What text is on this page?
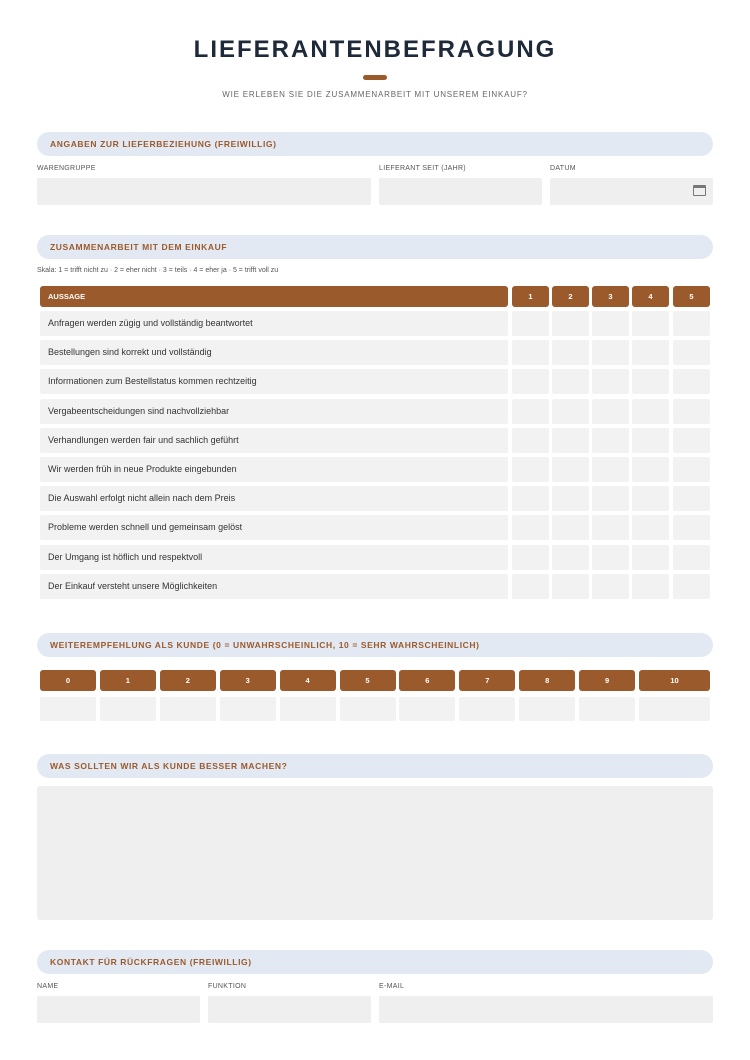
LIEFERANTENBEFRAGUNG
WIE ERLEBEN SIE DIE ZUSAMMENARBEIT MIT UNSEREM EINKAUF?
ANGABEN ZUR LIEFERBEZIEHUNG (FREIWILLIG)
WARENGRUPPE	LIEFERANT SEIT (JAHR)	DATUM
ZUSAMMENARBEIT MIT DEM EINKAUF
Skala: 1 = trifft nicht zu · 2 = eher nicht · 3 = teils · 4 = eher ja · 5 = trifft voll zu
AUSSAGE	1	2	3	4	5
Anfragen werden zügig und vollständig beantwortet
Bestellungen sind korrekt und vollständig
Informationen zum Bestellstatus kommen rechtzeitig
Vergabeentscheidungen sind nachvollziehbar
Verhandlungen werden fair und sachlich geführt
Wir werden früh in neue Produkte eingebunden
Die Auswahl erfolgt nicht allein nach dem Preis
Probleme werden schnell und gemeinsam gelöst
Der Umgang ist höflich und respektvoll
Der Einkauf versteht unsere Möglichkeiten
WEITEREMPFEHLUNG ALS KUNDE (0 = UNWAHRSCHEINLICH, 10 = SEHR WAHRSCHEINLICH)
0	1	2	3	4	5	6	7	8	9	10
WAS SOLLTEN WIR ALS KUNDE BESSER MACHEN?
KONTAKT FÜR RÜCKFRAGEN (FREIWILLIG)
NAME	FUNKTION	E-MAIL
